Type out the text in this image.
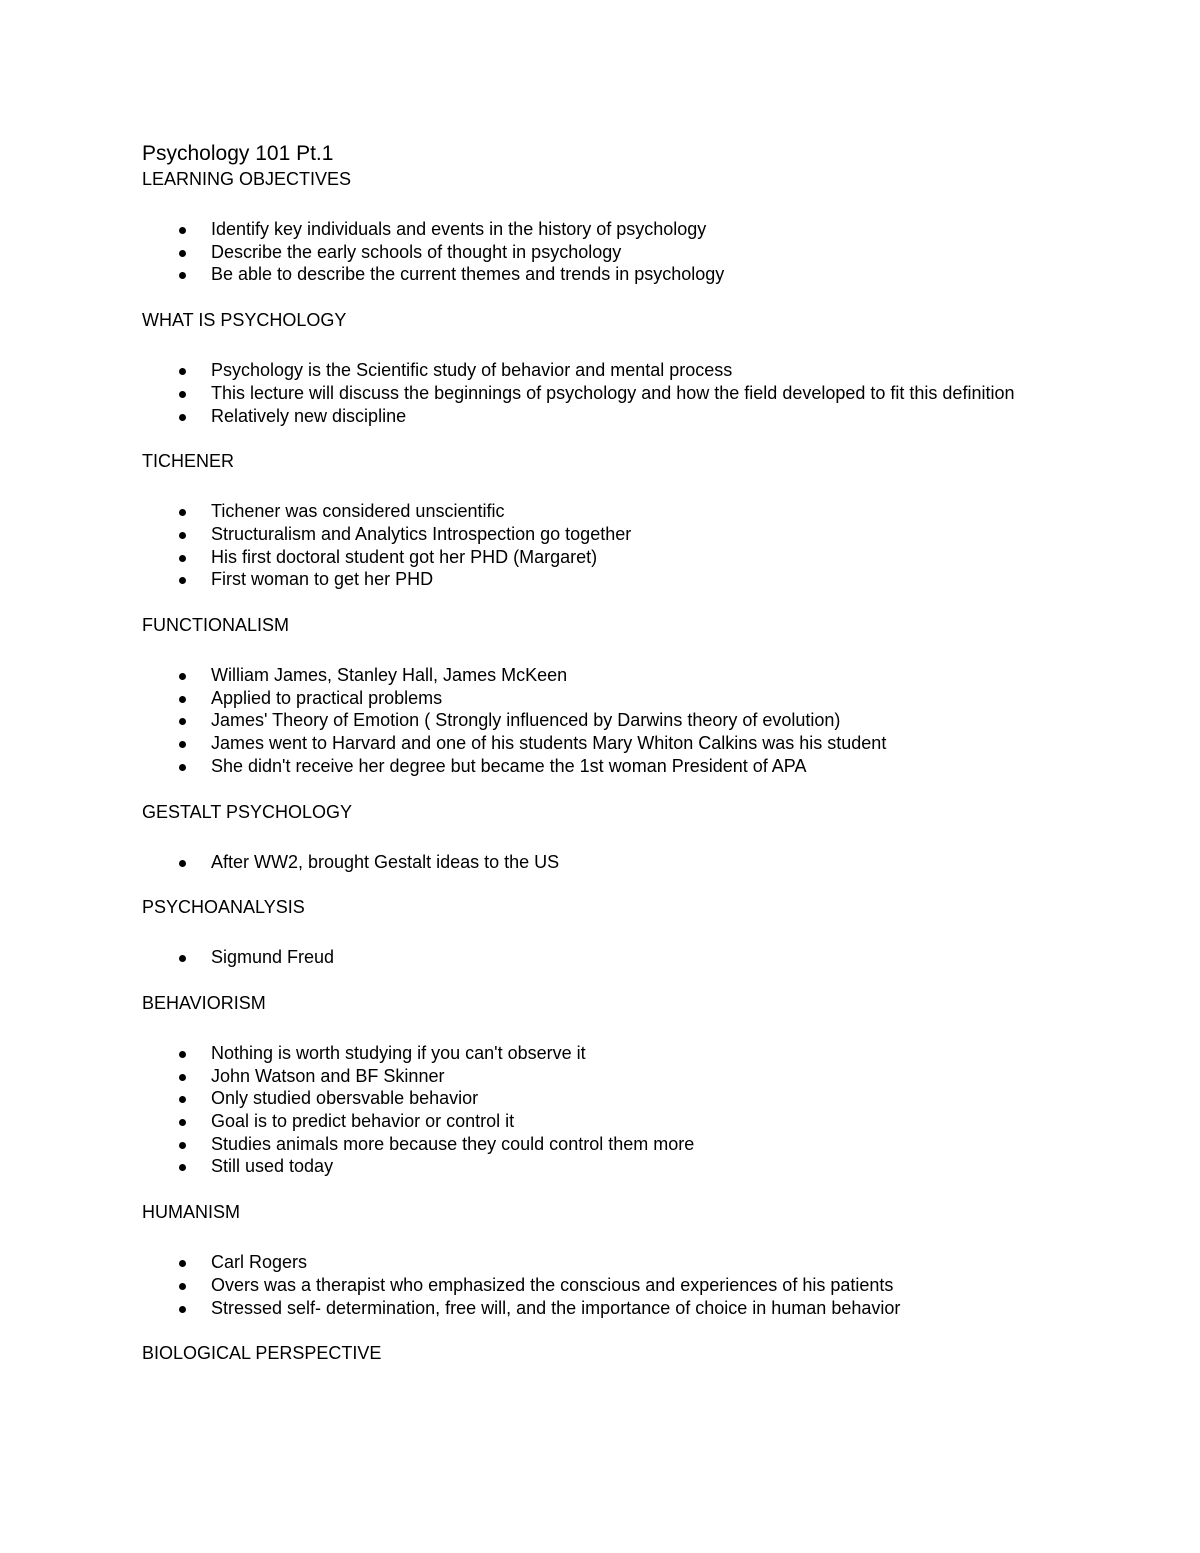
Psychology 101 Pt.1
LEARNING OBJECTIVES
Identify key individuals and events in the history of psychology
Describe the early schools of thought in psychology
Be able to describe the current themes and trends in psychology
WHAT IS PSYCHOLOGY
Psychology is the Scientific study of behavior and mental process
This lecture will discuss the beginnings of psychology and how the field developed to fit this definition
Relatively new discipline
TICHENER
Tichener was considered unscientific
Structuralism and Analytics Introspection go together
His first doctoral student got her PHD (Margaret)
First woman to get her PHD
FUNCTIONALISM
William James, Stanley Hall, James McKeen
Applied to practical problems
James' Theory of Emotion ( Strongly influenced by Darwins theory of evolution)
James went to Harvard and one of his students Mary Whiton Calkins was his student
She didn't receive her degree but became the 1st woman President of APA
GESTALT PSYCHOLOGY
After WW2, brought Gestalt ideas to the US
PSYCHOANALYSIS
Sigmund Freud
BEHAVIORISM
Nothing is worth studying if you can't observe it
John Watson and BF Skinner
Only studied obersvable behavior
Goal is to predict behavior or control it
Studies animals more because they could control them more
Still used today
HUMANISM
Carl Rogers
Overs was a therapist who emphasized the conscious and experiences of his patients
Stressed self- determination, free will, and the importance of choice in human behavior
BIOLOGICAL PERSPECTIVE
